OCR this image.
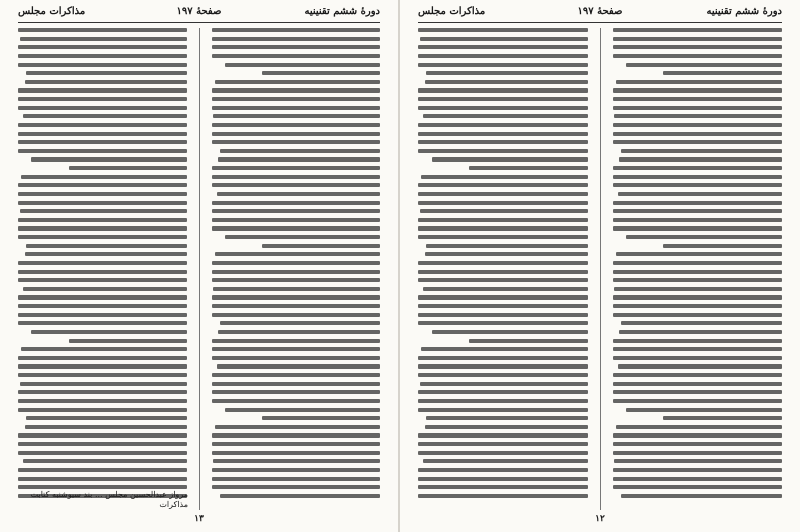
دورهٔ ششم تقنینیه
صفحهٔ ۱۹۷
مذاکرات مجلس
مرواز عبدالحسین مجلس ... بند سیوشنبه کتابت مذاکرات
۱۳
دورهٔ ششم تقنینیه
صفحهٔ ۱۹۷
مذاکرات مجلس
۱۲
